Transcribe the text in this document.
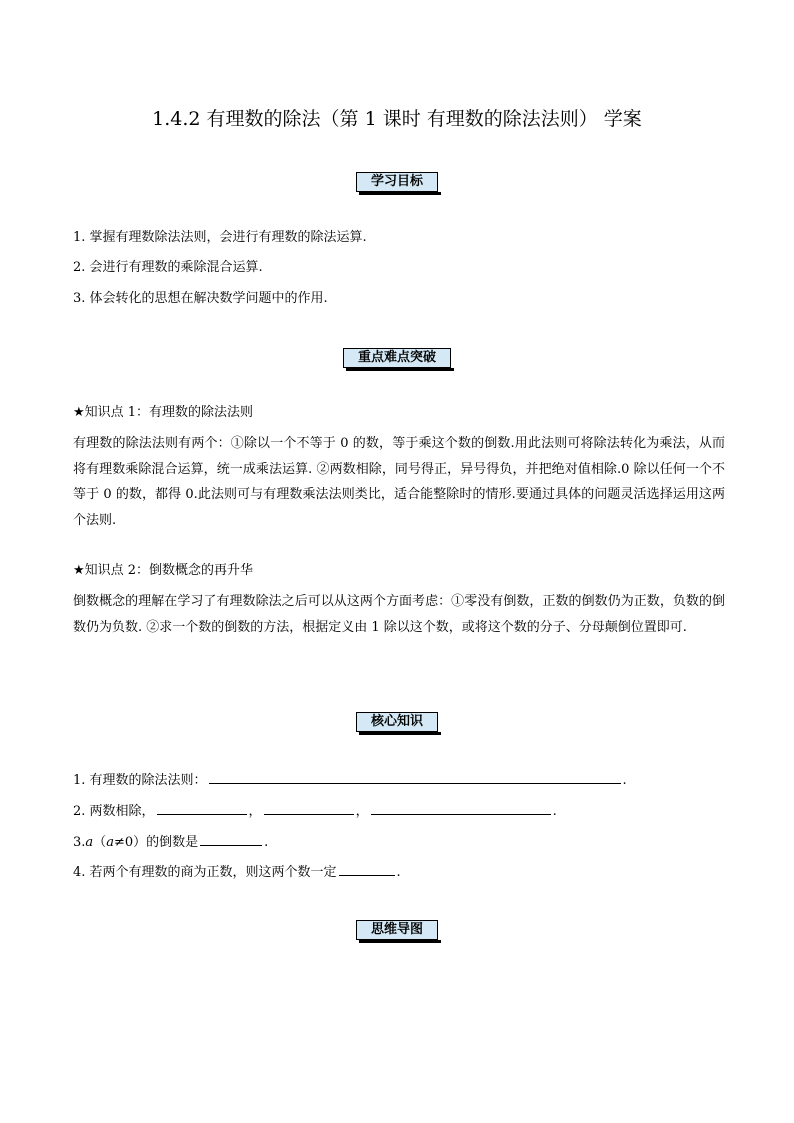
1.4.2 有理数的除法（第 1 课时 有理数的除法法则） 学案
学习目标
1. 掌握有理数除法法则，会进行有理数的除法运算.
2. 会进行有理数的乘除混合运算.
3. 体会转化的思想在解决数学问题中的作用.
重点难点突破
★知识点 1：有理数的除法法则
有理数的除法法则有两个：①除以一个不等于 0 的数，等于乘这个数的倒数.用此法则可将除法转化为乘法，从而将有理数乘除混合运算，统一成乘法运算. ②两数相除，同号得正，异号得负，并把绝对值相除.0 除以任何一个不等于 0 的数，都得 0.此法则可与有理数乘法法则类比，适合能整除时的情形.要通过具体的问题灵活选择运用这两个法则.
★知识点 2：倒数概念的再升华
倒数概念的理解在学习了有理数除法之后可以从这两个方面考虑：①零没有倒数，正数的倒数仍为正数，负数的倒数仍为负数. ②求一个数的倒数的方法，根据定义由 1 除以这个数，或将这个数的分子、分母颠倒位置即可.
核心知识
1. 有理数的除法法则：	.
2. 两数相除，	，	，	.
3.a（a≠0）的倒数是	.
4. 若两个有理数的商为正数，则这两个数一定	.
思维导图
